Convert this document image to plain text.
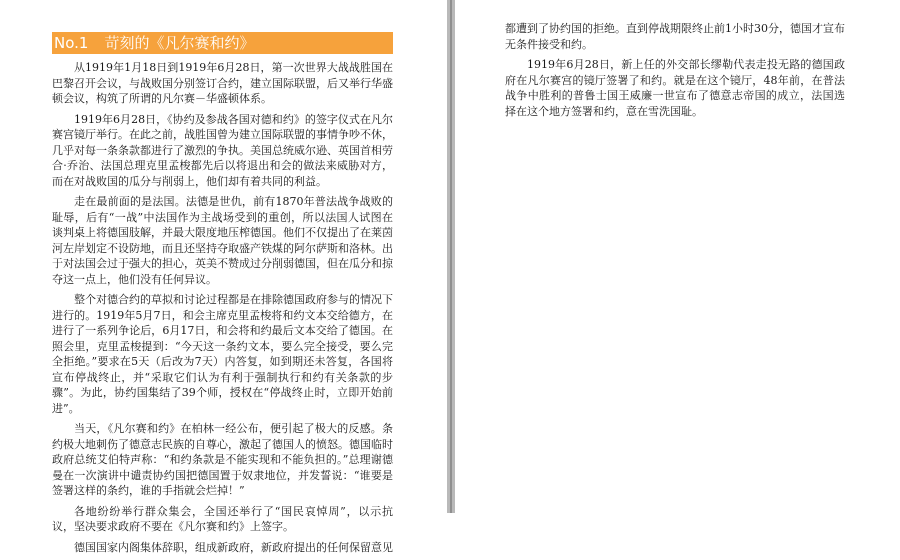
No.1 苛刻的《凡尔赛和约》

从1919年1月18日到1919年6月28日，第一次世界大战战胜国在巴黎召开会议，与战败国分别签订合约，建立国际联盟，后又举行华盛顿会议，构筑了所谓的凡尔赛－华盛顿体系。

1919年6月28日，《协约及参战各国对德和约》的签字仪式在凡尔赛宫镜厅举行。在此之前，战胜国曾为建立国际联盟的事情争吵不休，几乎对每一条条款都进行了激烈的争执。美国总统威尔逊、英国首相劳合·乔治、法国总理克里孟梭都先后以将退出和会的做法来威胁对方，而在对战败国的瓜分与削弱上，他们却有着共同的利益。

走在最前面的是法国。法德是世仇，前有1870年普法战争战败的耻辱，后有“一战”中法国作为主战场受到的重创，所以法国人试图在谈判桌上将德国肢解，并最大限度地压榨德国。他们不仅提出了在莱茵河左岸划定不设防地，而且还坚持夺取盛产铁煤的阿尔萨斯和洛林。出于对法国会过于强大的担心，英美不赞成过分削弱德国，但在瓜分和掠夺这一点上，他们没有任何异议。

整个对德合约的草拟和讨论过程都是在排除德国政府参与的情况下进行的。1919年5月7日，和会主席克里孟梭将和约文本交给德方，在进行了一系列争论后，6月17日，和会将和约最后文本交给了德国。在照会里，克里孟梭提到：“今天这一条约文本，要么完全接受，要么完全拒绝。”要求在5天（后改为7天）内答复，如到期还未答复，各国将宣布停战终止，并“采取它们认为有利于强制执行和约有关条款的步骤”。为此，协约国集结了39个师，授权在“停战终止时，立即开始前进”。

当天，《凡尔赛和约》在柏林一经公布，便引起了极大的反感。条约极大地刺伤了德意志民族的自尊心，激起了德国人的愤怒。德国临时政府总统艾伯特声称：“和约条款是不能实现和不能负担的。”总理谢德曼在一次演讲中谴责协约国把德国置于奴隶地位，并发誓说：“谁要是签署这样的条约，谁的手指就会烂掉！”

各地纷纷举行群众集会，全国还举行了“国民哀悼周”，以示抗议，坚决要求政府不要在《凡尔赛和约》上签字。

德国国家内阁集体辞职，组成新政府，新政府提出的任何保留意见

都遭到了协约国的拒绝。直到停战期限终止前1小时30分，德国才宣布无条件接受和约。

1919年6月28日，新上任的外交部长缪勒代表走投无路的德国政府在凡尔赛宫的镜厅签署了和约。就是在这个镜厅，48年前，在普法战争中胜利的普鲁士国王威廉一世宣布了德意志帝国的成立，法国选择在这个地方签署和约，意在雪洗国耻。
